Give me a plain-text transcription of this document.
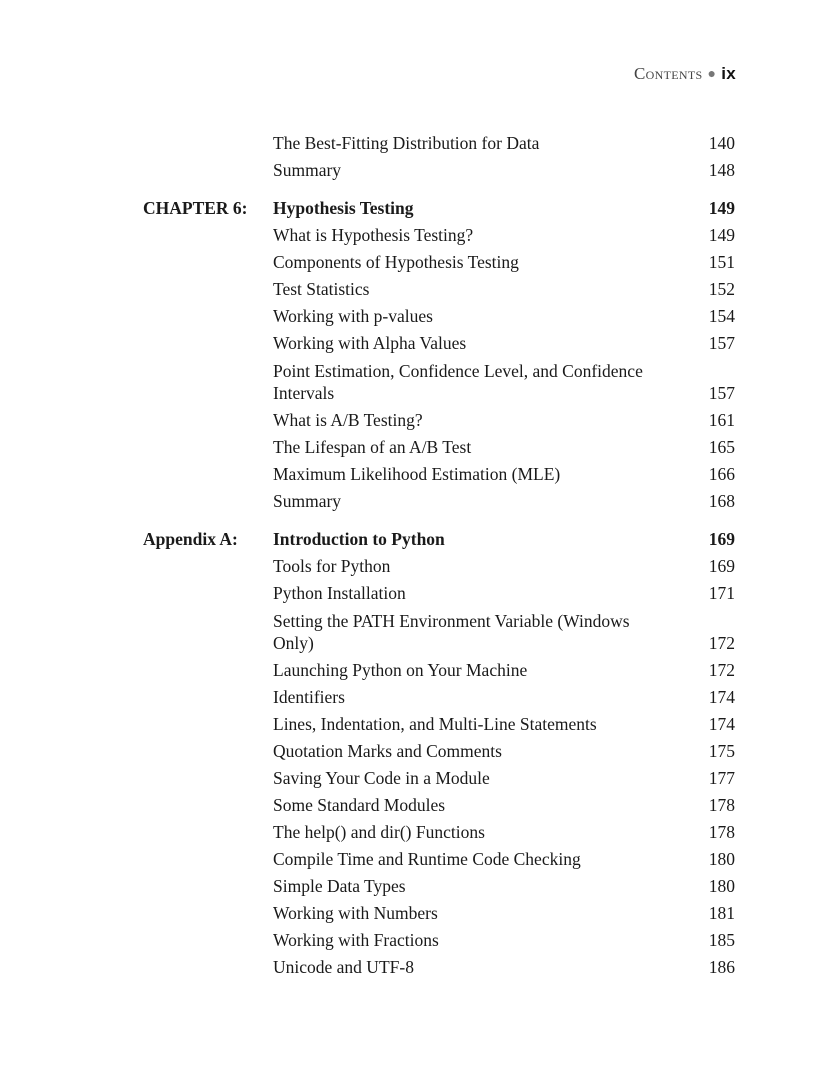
Contents ● ix
The Best-Fitting Distribution for Data	140
Summary	148
CHAPTER 6: Hypothesis Testing	149
What is Hypothesis Testing?	149
Components of Hypothesis Testing	151
Test Statistics	152
Working with p-values	154
Working with Alpha Values	157
Point Estimation, Confidence Level, and Confidence Intervals	157
What is A/B Testing?	161
The Lifespan of an A/B Test	165
Maximum Likelihood Estimation (MLE)	166
Summary	168
Appendix A: Introduction to Python	169
Tools for Python	169
Python Installation	171
Setting the PATH Environment Variable (Windows Only)	172
Launching Python on Your Machine	172
Identifiers	174
Lines, Indentation, and Multi-Line Statements	174
Quotation Marks and Comments	175
Saving Your Code in a Module	177
Some Standard Modules	178
The help() and dir() Functions	178
Compile Time and Runtime Code Checking	180
Simple Data Types	180
Working with Numbers	181
Working with Fractions	185
Unicode and UTF-8	186
